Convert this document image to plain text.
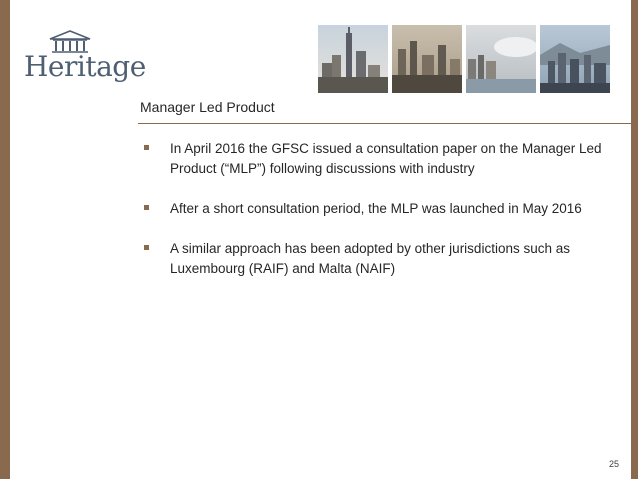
Heritage
Manager Led Product
In April 2016 the GFSC issued a consultation paper on the Manager Led Product (“MLP”) following discussions with industry
After a short consultation period, the MLP was launched in May 2016
A similar approach has been adopted by other jurisdictions such as Luxembourg (RAIF) and Malta (NAIF)
25
